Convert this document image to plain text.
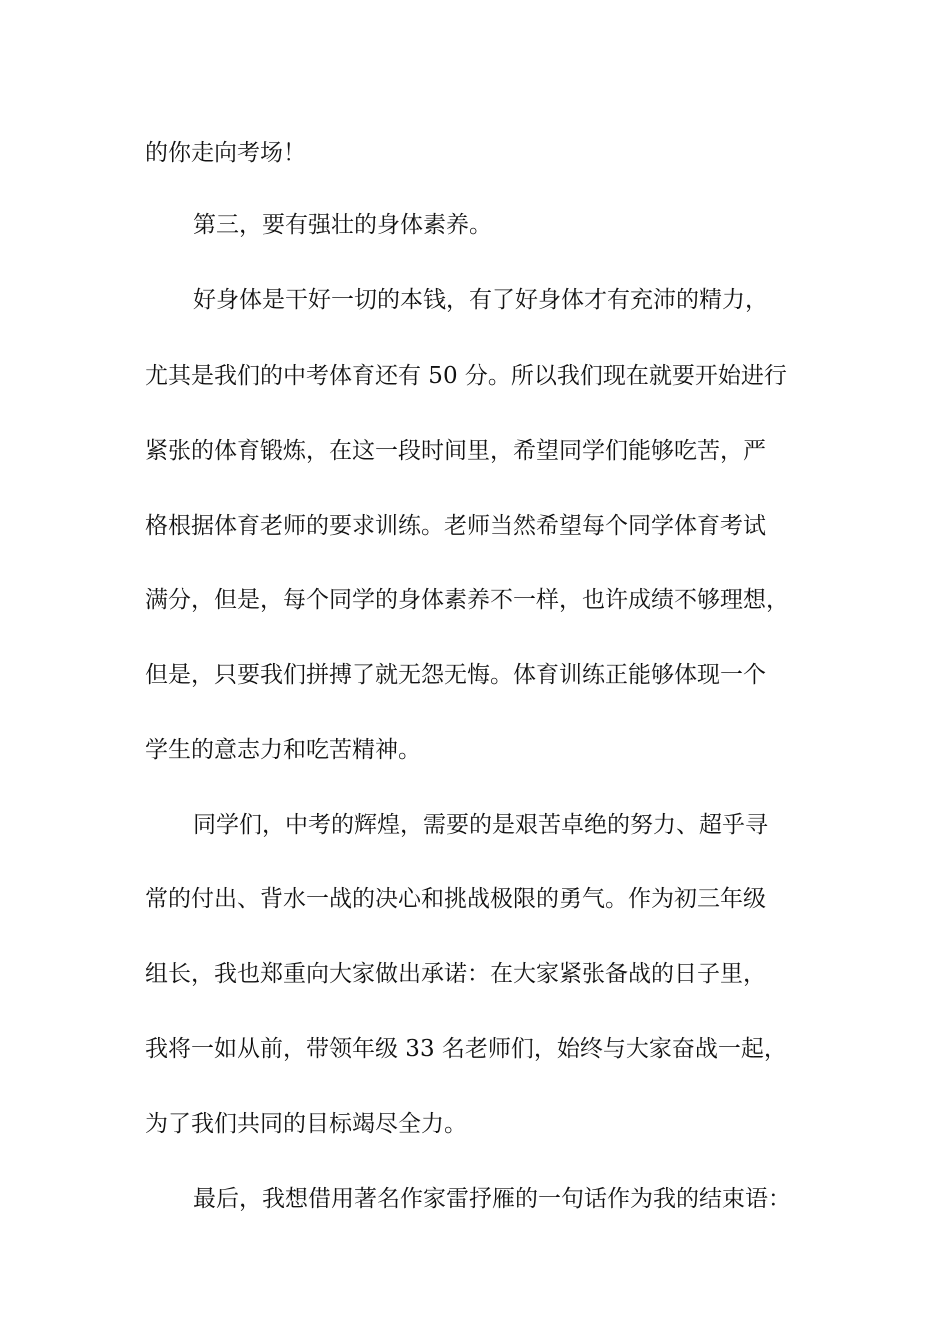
的你走向考场！

第三，要有强壮的身体素养。

好身体是干好一切的本钱，有了好身体才有充沛的精力，

尤其是我们的中考体育还有 50 分。所以我们现在就要开始进行

紧张的体育锻炼，在这一段时间里，希望同学们能够吃苦，严

格根据体育老师的要求训练。老师当然希望每个同学体育考试

满分，但是，每个同学的身体素养不一样，也许成绩不够理想，

但是，只要我们拼搏了就无怨无悔。体育训练正能够体现一个

学生的意志力和吃苦精神。

同学们，中考的辉煌，需要的是艰苦卓绝的努力、超乎寻

常的付出、背水一战的决心和挑战极限的勇气。作为初三年级

组长，我也郑重向大家做出承诺：在大家紧张备战的日子里，

我将一如从前，带领年级 33 名老师们，始终与大家奋战一起，

为了我们共同的目标竭尽全力。

最后，我想借用著名作家雷抒雁的一句话作为我的结束语：
